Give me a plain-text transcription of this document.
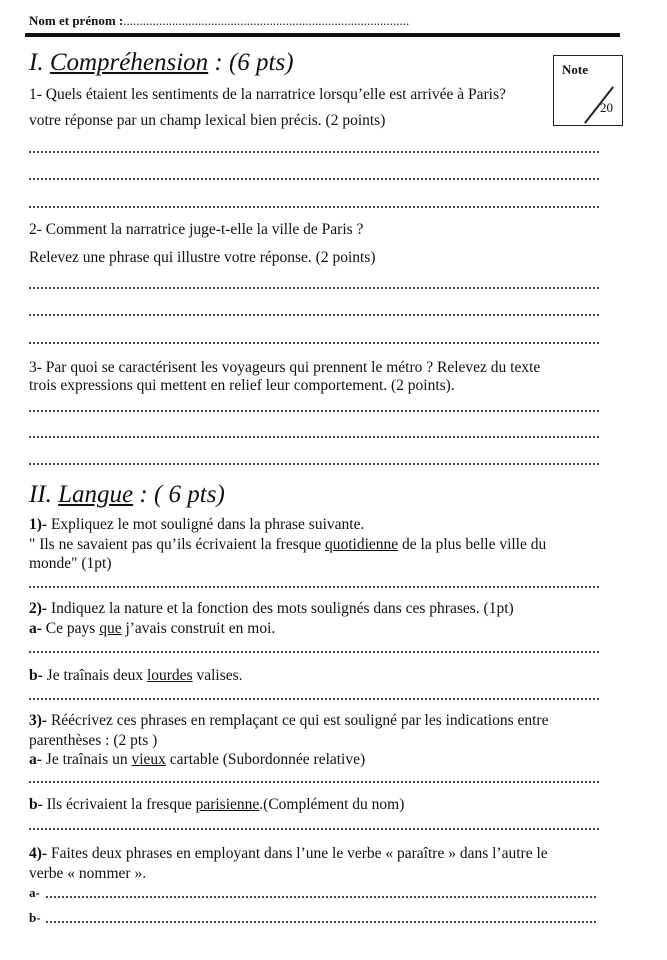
Nom et prénom :........................................................................................
Note
20
I. Compréhension : (6 pts)
1- Quels étaient les sentiments de la narratrice lorsqu’elle est arrivée à Paris?
votre réponse par un champ lexical bien précis. (2 points)
2- Comment la narratrice juge-t-elle la ville de Paris ?
Relevez une phrase qui illustre votre réponse. (2 points)
3- Par quoi se caractérisent les voyageurs qui prennent le métro ? Relevez du texte
trois expressions qui mettent en relief leur comportement. (2 points).
II. Langue : ( 6 pts)
1)- Expliquez le mot souligné dans la phrase suivante.
" Ils ne savaient pas qu’ils écrivaient la fresque quotidienne de la plus belle ville du
monde" (1pt)
2)- Indiquez la nature et la fonction des mots soulignés dans ces phrases. (1pt)
a- Ce pays que j’avais construit en moi.
b- Je traînais deux lourdes valises.
3)- Réécrivez ces phrases en remplaçant ce qui est souligné par les indications entre
parenthèses : (2 pts )
a- Je traînais un vieux cartable (Subordonnée relative)
b- Ils écrivaient la fresque parisienne.(Complément du nom)
4)- Faites deux phrases en employant dans l’une le verbe « paraître » dans l’autre le
verbe « nommer ».
a-
b-
